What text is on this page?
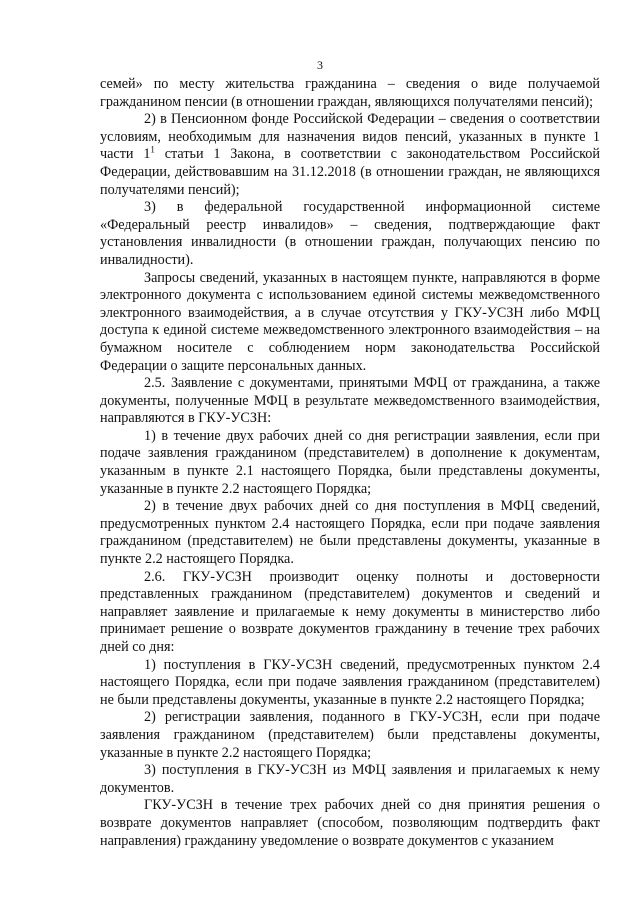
3

семей» по месту жительства гражданина – сведения о виде получаемой гражданином пенсии (в отношении граждан, являющихся получателями пенсий);

2) в Пенсионном фонде Российской Федерации – сведения о соответствии условиям, необходимым для назначения видов пенсий, указанных в пункте 1 части $1^1$ статьи 1 Закона, в соответствии с законодательством Российской Федерации, действовавшим на 31.12.2018 (в отношении граждан, не являющихся получателями пенсий);

3) в федеральной государственной информационной системе «Федеральный реестр инвалидов» – сведения, подтверждающие факт установления инвалидности (в отношении граждан, получающих пенсию по инвалидности).

Запросы сведений, указанных в настоящем пункте, направляются в форме электронного документа с использованием единой системы межведомственного электронного взаимодействия, а в случае отсутствия у ГКУ-УСЗН либо МФЦ доступа к единой системе межведомственного электронного взаимодействия – на бумажном носителе с соблюдением норм законодательства Российской Федерации о защите персональных данных.

2.5. Заявление с документами, принятыми МФЦ от гражданина, а также документы, полученные МФЦ в результате межведомственного взаимодействия, направляются в ГКУ-УСЗН:

1) в течение двух рабочих дней со дня регистрации заявления, если при подаче заявления гражданином (представителем) в дополнение к документам, указанным в пункте 2.1 настоящего Порядка, были представлены документы, указанные в пункте 2.2 настоящего Порядка;

2) в течение двух рабочих дней со дня поступления в МФЦ сведений, предусмотренных пунктом 2.4 настоящего Порядка, если при подаче заявления гражданином (представителем) не были представлены документы, указанные в пункте 2.2 настоящего Порядка.

2.6. ГКУ-УСЗН производит оценку полноты и достоверности представленных гражданином (представителем) документов и сведений и направляет заявление и прилагаемые к нему документы в министерство либо принимает решение о возврате документов гражданину в течение трех рабочих дней со дня:

1) поступления в ГКУ-УСЗН сведений, предусмотренных пунктом 2.4 настоящего Порядка, если при подаче заявления гражданином (представителем) не были представлены документы, указанные в пункте 2.2 настоящего Порядка;

2) регистрации заявления, поданного в ГКУ-УСЗН, если при подаче заявления гражданином (представителем) были представлены документы, указанные в пункте 2.2 настоящего Порядка;

3) поступления в ГКУ-УСЗН из МФЦ заявления и прилагаемых к нему документов.

ГКУ-УСЗН в течение трех рабочих дней со дня принятия решения о возврате документов направляет (способом, позволяющим подтвердить факт направления) гражданину уведомление о возврате документов с указанием
